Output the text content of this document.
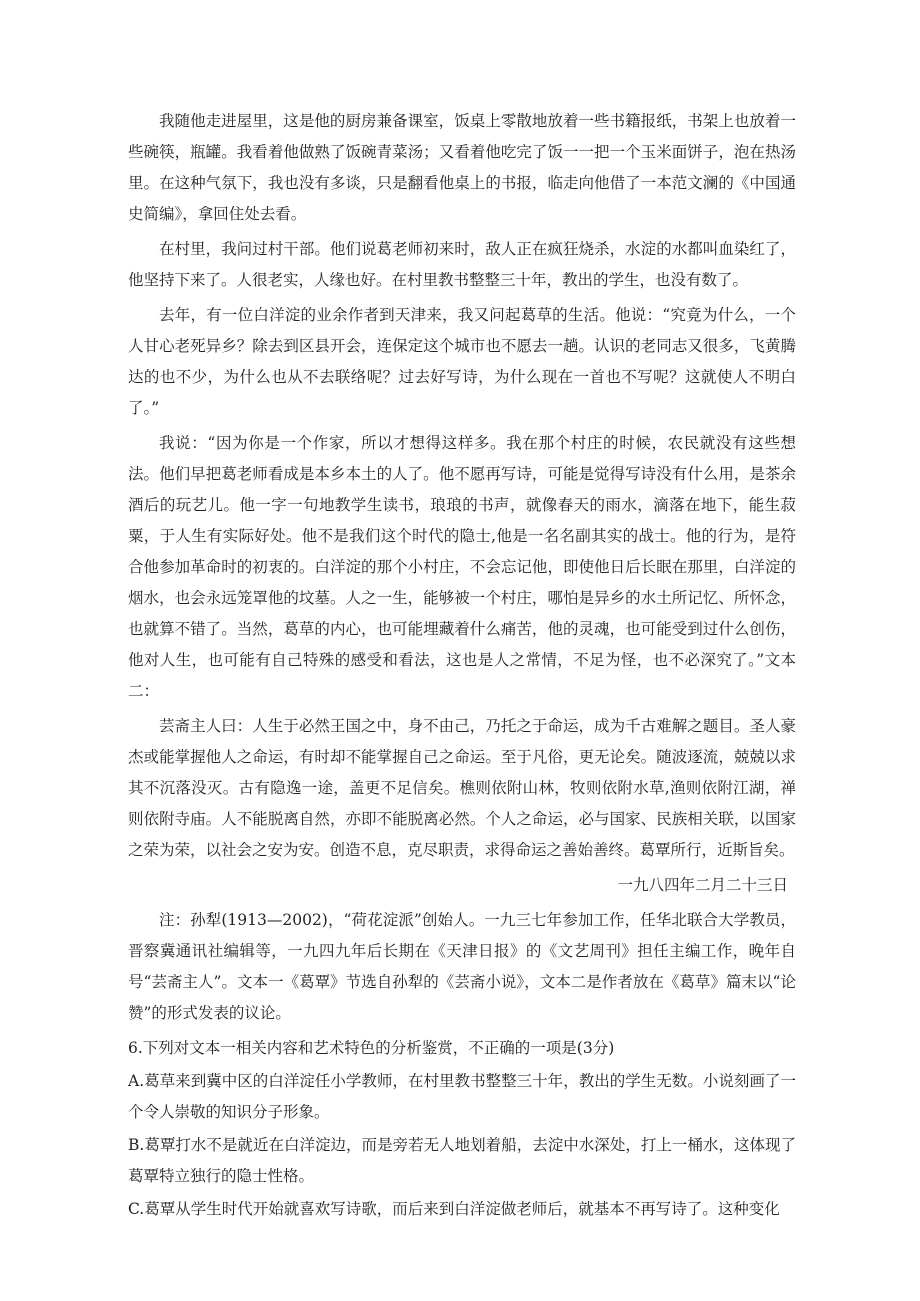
我随他走进屋里，这是他的厨房兼备课室，饭桌上零散地放着一些书籍报纸，书架上也放着一些碗筷，瓶罐。我看着他做熟了饭碗青菜汤；又看着他吃完了饭一一把一个玉米面饼子，泡在热汤里。在这种气氛下，我也没有多谈，只是翻看他桌上的书报，临走向他借了一本范文澜的《中国通史简编》，拿回住处去看。

在村里，我问过村干部。他们说葛老师初来时，敌人正在疯狂烧杀，水淀的水都叫血染红了，他坚持下来了。人很老实，人缘也好。在村里教书整整三十年，教出的学生，也没有数了。

去年，有一位白洋淀的业余作者到天津来，我又问起葛草的生活。他说：“究竟为什么，一个人甘心老死异乡？除去到区县开会，连保定这个城市也不愿去一趟。认识的老同志又很多，飞黄腾达的也不少，为什么也从不去联络呢？过去好写诗，为什么现在一首也不写呢？这就使人不明白了。”

我说：“因为你是一个作家，所以才想得这样多。我在那个村庄的时候，农民就没有这些想法。他们早把葛老师看成是本乡本土的人了。他不愿再写诗，可能是觉得写诗没有什么用，是茶余酒后的玩艺儿。他一字一句地教学生读书，琅琅的书声，就像春天的雨水，滴落在地下，能生菽粟，于人生有实际好处。他不是我们这个时代的隐士,他是一名名副其实的战士。他的行为，是符合他参加革命时的初衷的。白洋淀的那个小村庄，不会忘记他，即使他日后长眠在那里，白洋淀的烟水，也会永远笼罩他的坟墓。人之一生，能够被一个村庄，哪怕是异乡的水土所记忆、所怀念，也就算不错了。当然，葛草的内心，也可能埋藏着什么痛苦，他的灵魂，也可能受到过什么创伤，他对人生，也可能有自己特殊的感受和看法，这也是人之常情，不足为怪，也不必深究了。”文本二：

芸斋主人曰：人生于必然王国之中，身不由己，乃托之于命运，成为千古难解之题目。圣人豪杰或能掌握他人之命运，有时却不能掌握自己之命运。至于凡俗，更无论矣。随波逐流，兢兢以求其不沉落没灭。古有隐逸一途，盖更不足信矣。樵则依附山林，牧则依附水草,渔则依附江湖，禅则依附寺庙。人不能脱离自然，亦即不能脱离必然。个人之命运，必与国家、民族相关联，以国家之荣为荣，以社会之安为安。创造不息，克尽职责，求得命运之善始善终。葛覃所行，近斯旨矣。

一九八四年二月二十三日

注：孙犁(1913—2002)，“荷花淀派”创始人。一九三七年参加工作，任华北联合大学教员，晋察冀通讯社编辑等，一九四九年后长期在《天津日报》的《文艺周刊》担任主编工作，晚年自号“芸斋主人”。文本一《葛覃》节选自孙犁的《芸斋小说》，文本二是作者放在《葛草》篇末以“论赞”的形式发表的议论。

6.下列对文本一相关内容和艺术特色的分析鉴赏，不正确的一项是(3分)

A.葛草来到冀中区的白洋淀任小学教师，在村里教书整整三十年，教出的学生无数。小说刻画了一个令人崇敬的知识分子形象。

B.葛覃打水不是就近在白洋淀边，而是旁若无人地划着船，去淀中水深处，打上一桶水，这体现了葛覃特立独行的隐士性格。

C.葛覃从学生时代开始就喜欢写诗歌，而后来到白洋淀做老师后，就基本不再写诗了。这种变化
